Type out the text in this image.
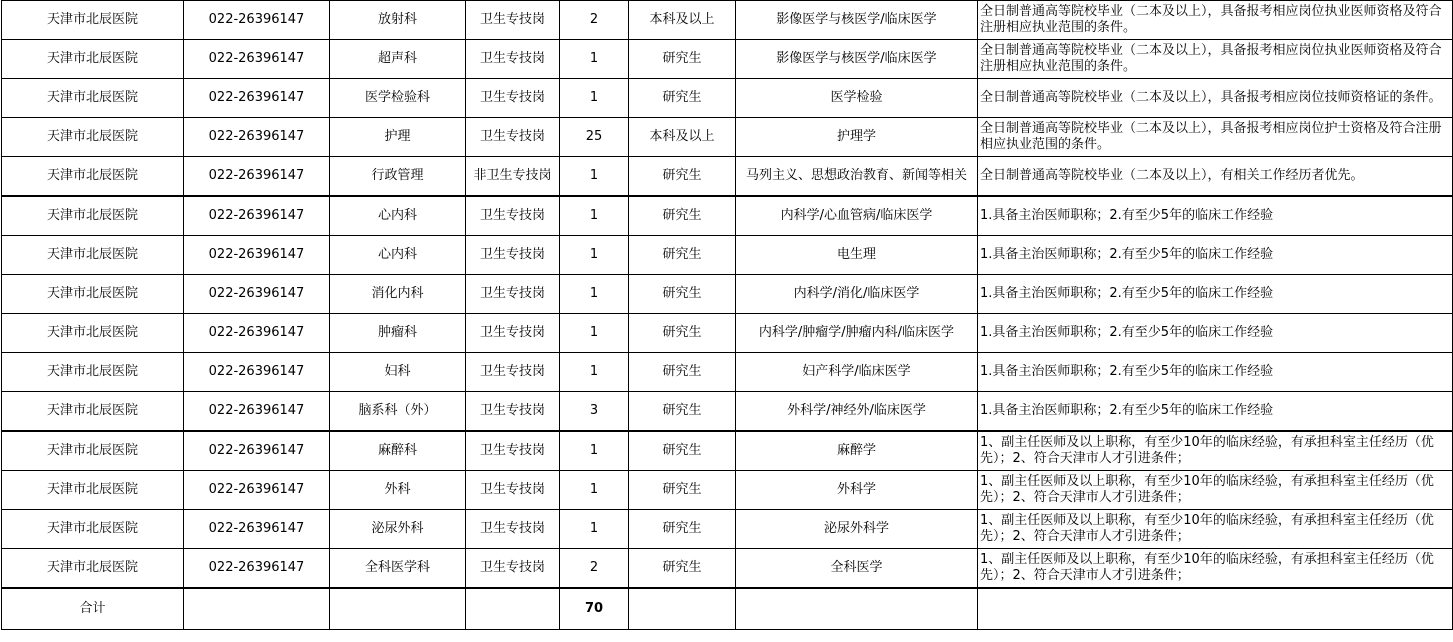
天津市北辰医院	022-26396147	放射科	卫生专技岗	2	本科及以上	影像医学与核医学/临床医学	全日制普通高等院校毕业（二本及以上），具备报考相应岗位执业医师资格及符合注册相应执业范围的条件。
天津市北辰医院	022-26396147	超声科	卫生专技岗	1	研究生	影像医学与核医学/临床医学	全日制普通高等院校毕业（二本及以上），具备报考相应岗位执业医师资格及符合注册相应执业范围的条件。
天津市北辰医院	022-26396147	医学检验科	卫生专技岗	1	研究生	医学检验	全日制普通高等院校毕业（二本及以上），具备报考相应岗位技师资格证的条件。
天津市北辰医院	022-26396147	护理	卫生专技岗	25	本科及以上	护理学	全日制普通高等院校毕业（二本及以上），具备报考相应岗位护士资格及符合注册相应执业范围的条件。
天津市北辰医院	022-26396147	行政管理	非卫生专技岗	1	研究生	马列主义、思想政治教育、新闻等相关	全日制普通高等院校毕业（二本及以上），有相关工作经历者优先。
天津市北辰医院	022-26396147	心内科	卫生专技岗	1	研究生	内科学/心血管病/临床医学	1.具备主治医师职称；2.有至少5年的临床工作经验
天津市北辰医院	022-26396147	心内科	卫生专技岗	1	研究生	电生理	1.具备主治医师职称；2.有至少5年的临床工作经验
天津市北辰医院	022-26396147	消化内科	卫生专技岗	1	研究生	内科学/消化/临床医学	1.具备主治医师职称；2.有至少5年的临床工作经验
天津市北辰医院	022-26396147	肿瘤科	卫生专技岗	1	研究生	内科学/肿瘤学/肿瘤内科/临床医学	1.具备主治医师职称；2.有至少5年的临床工作经验
天津市北辰医院	022-26396147	妇科	卫生专技岗	1	研究生	妇产科学/临床医学	1.具备主治医师职称；2.有至少5年的临床工作经验
天津市北辰医院	022-26396147	脑系科（外）	卫生专技岗	3	研究生	外科学/神经外/临床医学	1.具备主治医师职称；2.有至少5年的临床工作经验
天津市北辰医院	022-26396147	麻醉科	卫生专技岗	1	研究生	麻醉学	1、副主任医师及以上职称，有至少10年的临床经验，有承担科室主任经历（优先）；2、符合天津市人才引进条件；
天津市北辰医院	022-26396147	外科	卫生专技岗	1	研究生	外科学	1、副主任医师及以上职称，有至少10年的临床经验，有承担科室主任经历（优先）；2、符合天津市人才引进条件；
天津市北辰医院	022-26396147	泌尿外科	卫生专技岗	1	研究生	泌尿外科学	1、副主任医师及以上职称，有至少10年的临床经验，有承担科室主任经历（优先）；2、符合天津市人才引进条件；
天津市北辰医院	022-26396147	全科医学科	卫生专技岗	2	研究生	全科医学	1、副主任医师及以上职称，有至少10年的临床经验，有承担科室主任经历（优先）；2、符合天津市人才引进条件；
合计				70			
